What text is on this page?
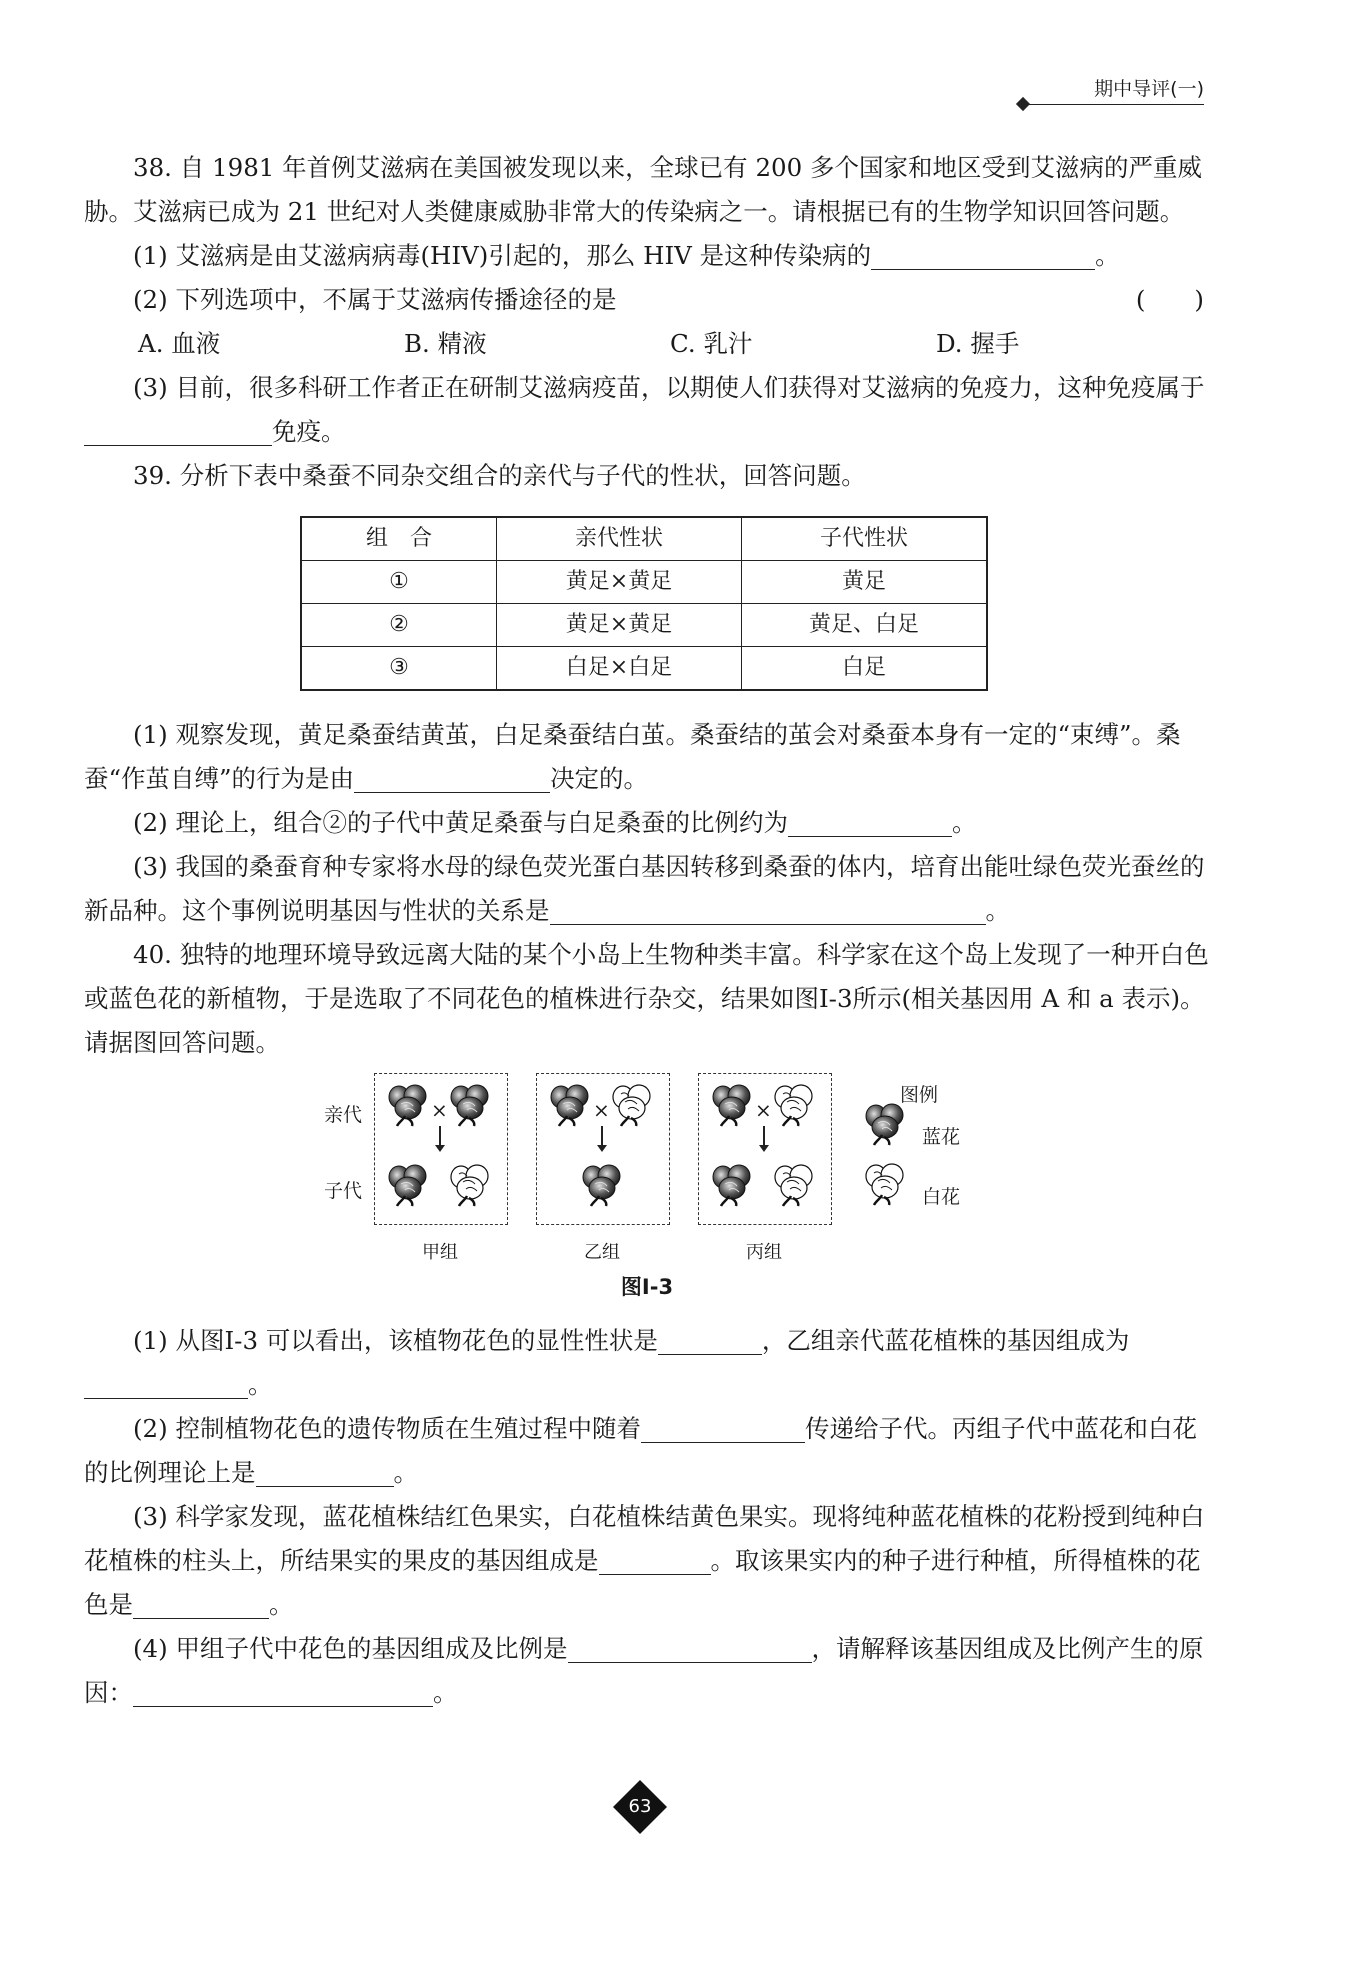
期中导评(一)

38. 自 1981 年首例艾滋病在美国被发现以来，全球已有 200 多个国家和地区受到艾滋病的严重威胁。艾滋病已成为 21 世纪对人类健康威胁非常大的传染病之一。请根据已有的生物学知识回答问题。

(1) 艾滋病是由艾滋病病毒(HIV)引起的，那么 HIV 是这种传染病的	。

(2) 下列选项中，不属于艾滋病传播途径的是	(　　)

A. 血液	B. 精液	C. 乳汁	D. 握手

(3) 目前，很多科研工作者正在研制艾滋病疫苗，以期使人们获得对艾滋病的免疫力，这种免疫属于免疫。

39. 分析下表中桑蚕不同杂交组合的亲代与子代的性状，回答问题。

组　合	亲代性状	子代性状
①	黄足×黄足	黄足
②	黄足×黄足	黄足、白足
③	白足×白足	白足

(1) 观察发现，黄足桑蚕结黄茧，白足桑蚕结白茧。桑蚕结的茧会对桑蚕本身有一定的“束缚”。桑蚕“作茧自缚”的行为是由	决定的。

(2) 理论上，组合②的子代中黄足桑蚕与白足桑蚕的比例约为	。

(3) 我国的桑蚕育种专家将水母的绿色荧光蛋白基因转移到桑蚕的体内，培育出能吐绿色荧光蚕丝的新品种。这个事例说明基因与性状的关系是	。

40. 独特的地理环境导致远离大陆的某个小岛上生物种类丰富。科学家在这个岛上发现了一种开白色或蓝色花的新植物，于是选取了不同花色的植株进行杂交，结果如图Ⅰ-3所示(相关基因用 A 和 a 表示)。请据图回答问题。

亲代
子代
×
甲组
×
乙组
×
丙组
图例
蓝花
白花
图Ⅰ-3

(1) 从图Ⅰ-3 可以看出，该植物花色的显性性状是	，乙组亲代蓝花植株的基因组成为。

(2) 控制植物花色的遗传物质在生殖过程中随着	传递给子代。丙组子代中蓝花和白花的比例理论上是	。

(3) 科学家发现，蓝花植株结红色果实，白花植株结黄色果实。现将纯种蓝花植株的花粉授到纯种白花植株的柱头上，所结果实的果皮的基因组成是	。取该果实内的种子进行种植，所得植株的花色是	。

(4) 甲组子代中花色的基因组成及比例是	，请解释该基因组成及比例产生的原因：	。

63
